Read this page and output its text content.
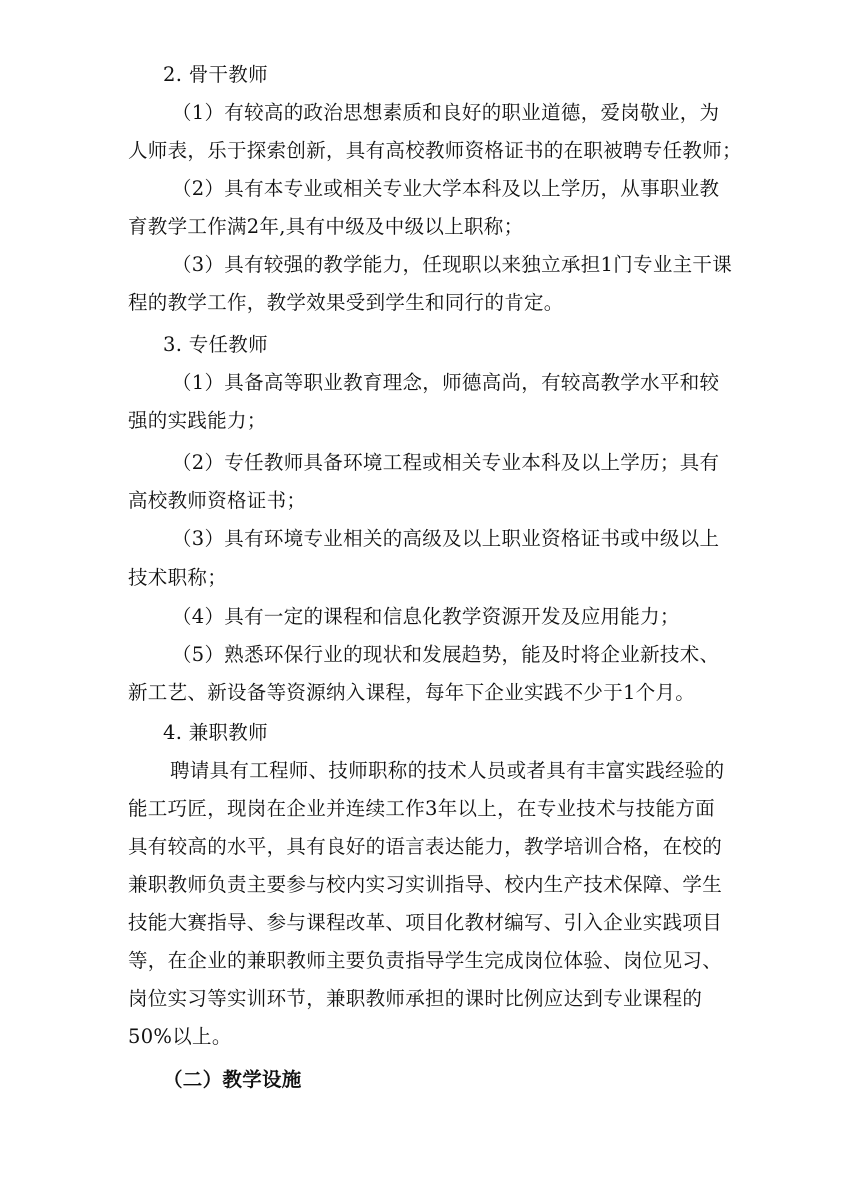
2. 骨干教师
（1）有较高的政治思想素质和良好的职业道德，爱岗敬业，为
人师表，乐于探索创新，具有高校教师资格证书的在职被聘专任教师；
（2）具有本专业或相关专业大学本科及以上学历，从事职业教
育教学工作满2年,具有中级及中级以上职称；
（3）具有较强的教学能力，任现职以来独立承担1门专业主干课
程的教学工作，教学效果受到学生和同行的肯定。
3. 专任教师
（1）具备高等职业教育理念，师德高尚，有较高教学水平和较
强的实践能力；
（2）专任教师具备环境工程或相关专业本科及以上学历；具有
高校教师资格证书；
（3）具有环境专业相关的高级及以上职业资格证书或中级以上
技术职称；
（4）具有一定的课程和信息化教学资源开发及应用能力；
（5）熟悉环保行业的现状和发展趋势，能及时将企业新技术、
新工艺、新设备等资源纳入课程，每年下企业实践不少于1个月。
4. 兼职教师
聘请具有工程师、技师职称的技术人员或者具有丰富实践经验的
能工巧匠，现岗在企业并连续工作3年以上，在专业技术与技能方面
具有较高的水平，具有良好的语言表达能力，教学培训合格，在校的
兼职教师负责主要参与校内实习实训指导、校内生产技术保障、学生
技能大赛指导、参与课程改革、项目化教材编写、引入企业实践项目
等，在企业的兼职教师主要负责指导学生完成岗位体验、岗位见习、
岗位实习等实训环节，兼职教师承担的课时比例应达到专业课程的
50%以上。
（二）教学设施
